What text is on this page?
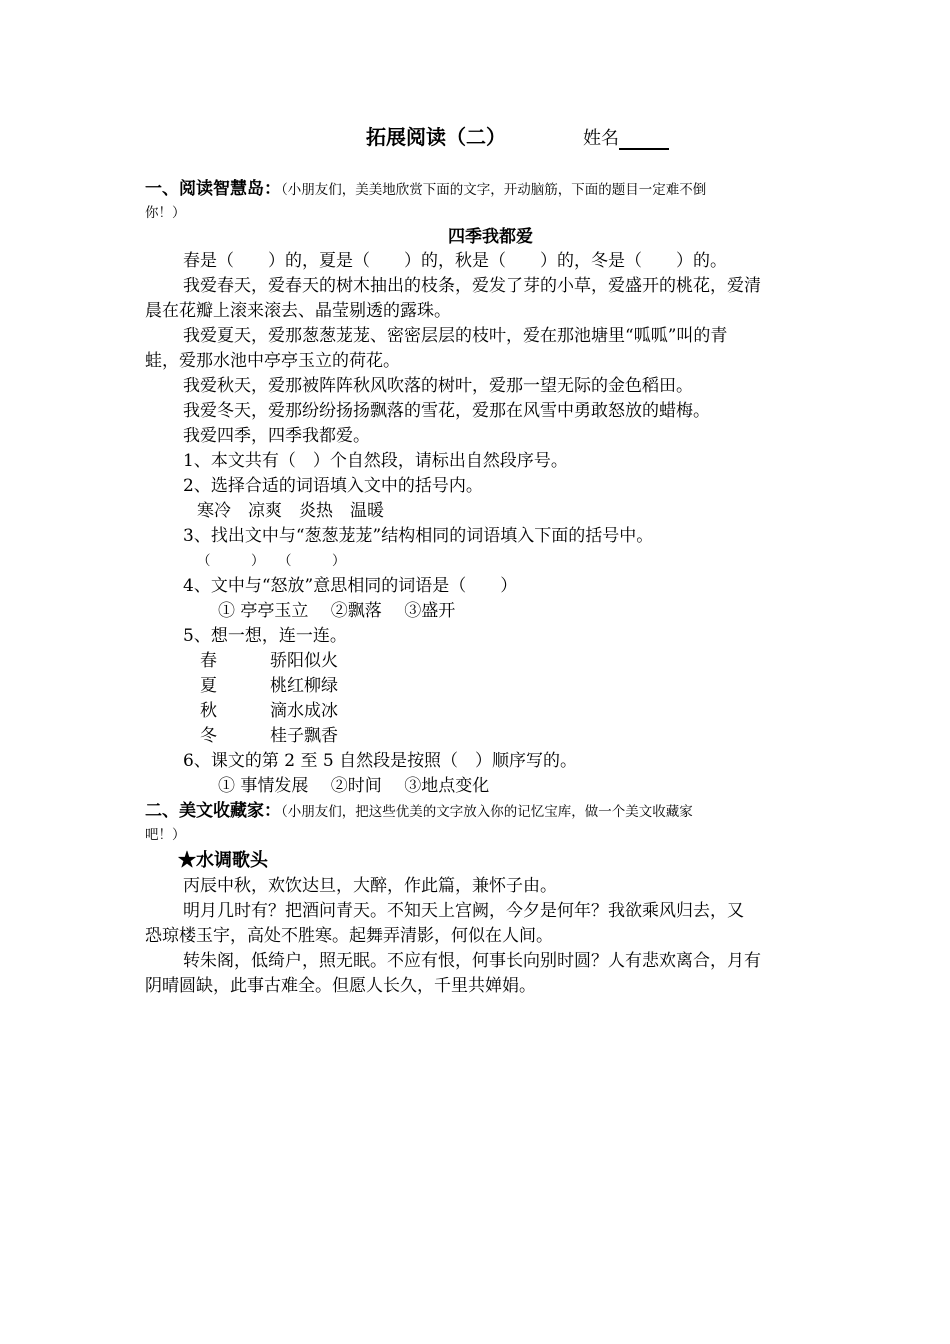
拓展阅读（二）	姓名
一、阅读智慧岛：（小朋友们，美美地欣赏下面的文字，开动脑筋，下面的题目一定难不倒
你！）
四季我都爱
春是（　　）的，夏是（　　）的，秋是（　　）的，冬是（　　）的。
我爱春天，爱春天的树木抽出的枝条，爱发了芽的小草，爱盛开的桃花，爱清
晨在花瓣上滚来滚去、晶莹剔透的露珠。
我爱夏天，爱那葱葱茏茏、密密层层的枝叶，爱在那池塘里“呱呱”叫的青
蛙，爱那水池中亭亭玉立的荷花。
我爱秋天，爱那被阵阵秋风吹落的树叶，爱那一望无际的金色稻田。
我爱冬天，爱那纷纷扬扬飘落的雪花，爱那在风雪中勇敢怒放的蜡梅。
我爱四季，四季我都爱。
1、本文共有（　）个自然段，请标出自然段序号。
2、选择合适的词语填入文中的括号内。
寒冷　凉爽　炎热　温暖
3、找出文中与“葱葱茏茏”结构相同的词语填入下面的括号中。
（　　　）　　（　　　）
4、文中与“怒放”意思相同的词语是（　　）
① 亭亭玉立　 ②飘落　 ③盛开
5、想一想，连一连。
春	骄阳似火
夏	桃红柳绿
秋	滴水成冰
冬	桂子飘香
6、课文的第 2 至 5 自然段是按照（　）顺序写的。
① 事情发展　 ②时间　 ③地点变化
二、美文收藏家：（小朋友们，把这些优美的文字放入你的记忆宝库，做一个美文收藏家
吧！）
★水调歌头
丙辰中秋，欢饮达旦，大醉，作此篇，兼怀子由。
明月几时有？把酒问青天。不知天上宫阙，今夕是何年？我欲乘风归去，又
恐琼楼玉宇，高处不胜寒。起舞弄清影，何似在人间。
转朱阁，低绮户，照无眠。不应有恨，何事长向别时圆？人有悲欢离合，月有
阴晴圆缺，此事古难全。但愿人长久，千里共婵娟。
